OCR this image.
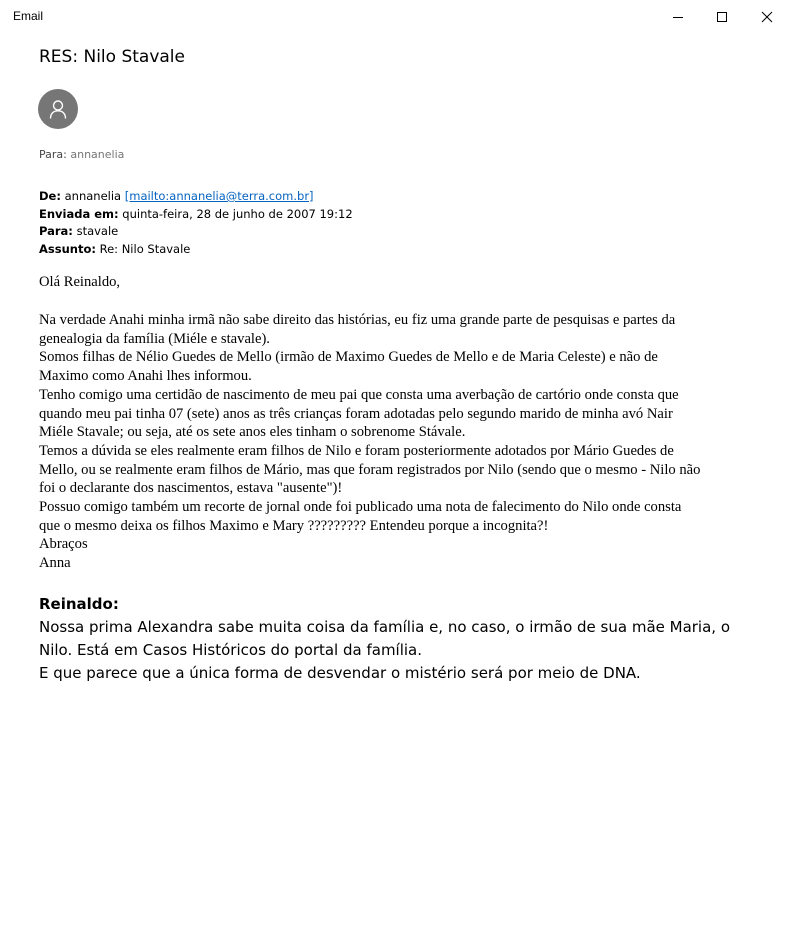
Email
RES: Nilo Stavale
Para: annanelia
De: annanelia [mailto:annanelia@terra.com.br]
Enviada em: quinta-feira, 28 de junho de 2007 19:12
Para: stavale
Assunto: Re: Nilo Stavale
Olá Reinaldo,

Na verdade Anahi minha irmã não sabe direito das histórias, eu fiz uma grande parte de pesquisas e partes da

genealogia da família (Miéle e stavale).

Somos filhas de Nélio Guedes de Mello (irmão de Maximo Guedes de Mello e de Maria Celeste) e não de

Maximo como Anahi lhes informou.

Tenho comigo uma certidão de nascimento de meu pai que consta uma averbação de cartório onde consta que

quando meu pai tinha 07 (sete) anos as três crianças foram adotadas pelo segundo marido de minha avó Nair

Miéle Stavale; ou seja, até os sete anos eles tinham o sobrenome Stávale.

Temos a dúvida se eles realmente eram filhos de Nilo e foram posteriormente adotados por Mário Guedes de

Mello, ou se realmente eram filhos de Mário, mas que foram registrados por Nilo (sendo que o mesmo - Nilo não

foi o declarante dos nascimentos, estava "ausente")!

Possuo comigo também um recorte de jornal onde foi publicado uma nota de falecimento do Nilo onde consta

que o mesmo deixa os filhos Maximo e Mary ????????? Entendeu porque a incognita?!

Abraços

Anna

Reinaldo:

Nossa prima Alexandra sabe muita coisa da família e, no caso, o irmão de sua mãe Maria, o

Nilo. Está em Casos Históricos do portal da família.

E que parece que a única forma de desvendar o mistério será por meio de DNA.
